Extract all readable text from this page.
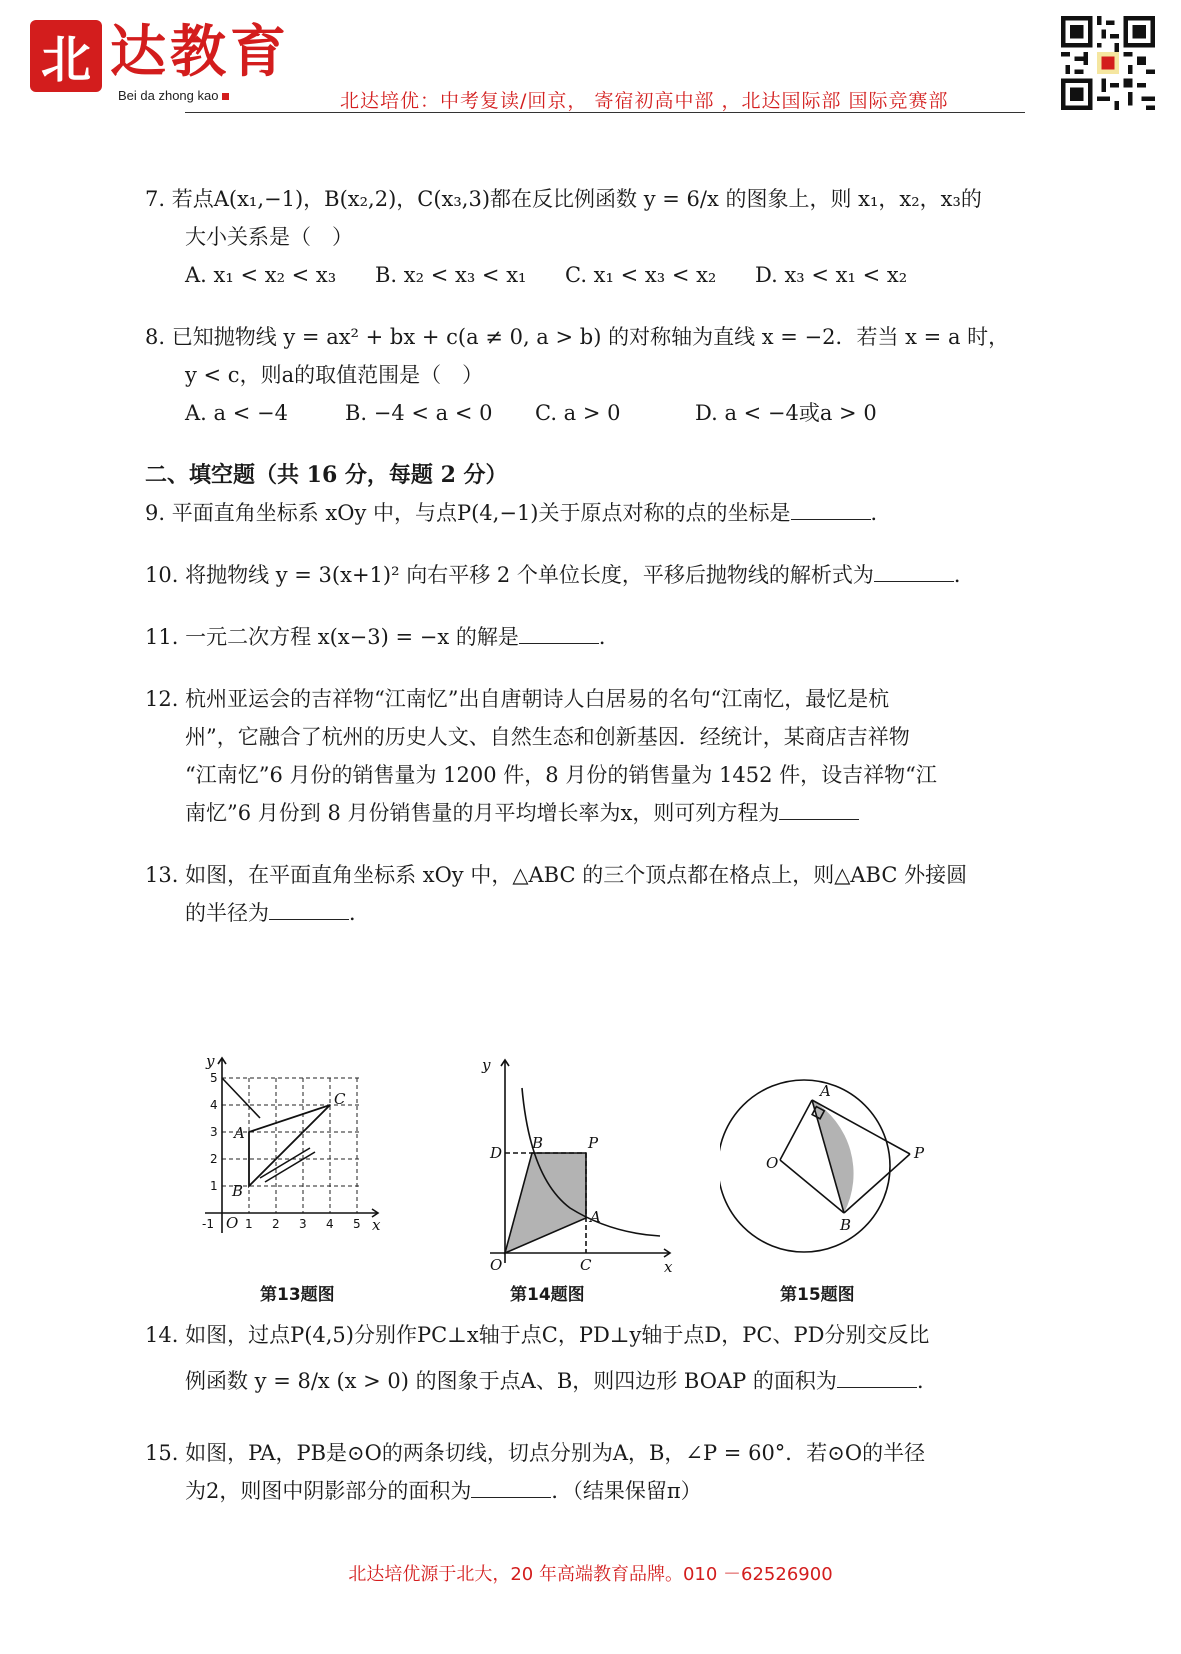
北 达教育
Bei da zhong kao	北达培优：中考复读/回京， 寄宿初高中部 ，北达国际部 国际竞赛部

7. 若点A(x₁,−1)，B(x₂,2)，C(x₃,3)都在反比例函数 y = 6/x 的图象上，则 x₁，x₂，x₃的

大小关系是（　）

A. x₁ < x₂ < x₃	B. x₂ < x₃ < x₁	C. x₁ < x₃ < x₂	D. x₃ < x₁ < x₂

8. 已知抛物线 y = ax² + bx + c(a ≠ 0, a > b) 的对称轴为直线 x = −2．若当 x = a 时，

y < c，则a的取值范围是（　）

A. a < −4	B. −4 < a < 0	C. a > 0	D. a < −4或a > 0

二、填空题（共 16 分，每题 2 分）

9. 平面直角坐标系 xOy 中，与点P(4,−1)关于原点对称的点的坐标是	．

10. 将抛物线 y = 3(x+1)² 向右平移 2 个单位长度，平移后抛物线的解析式为	．

11. 一元二次方程 x(x−3) = −x 的解是	．

12. 杭州亚运会的吉祥物“江南忆”出自唐朝诗人白居易的名句“江南忆，最忆是杭

州”，它融合了杭州的历史人文、自然生态和创新基因．经统计，某商店吉祥物

“江南忆”6 月份的销售量为 1200 件，8 月份的销售量为 1452 件，设吉祥物“江

南忆”6 月份到 8 月份销售量的月平均增长率为x，则可列方程为

13. 如图，在平面直角坐标系 xOy 中，△ABC 的三个顶点都在格点上，则△ABC 外接圆

的半径为	．

y
x
O
A
B
C
1 2 3 4 5
-1
1
2
3
4
5
第13题图
y
x
O
A
B
C
D
P
第14题图
A
B
O
P
第15题图

14. 如图，过点P(4,5)分别作PC⊥x轴于点C，PD⊥y轴于点D，PC、PD分别交反比

例函数 y = 8/x (x > 0) 的图象于点A、B，则四边形 BOAP 的面积为	．

15. 如图，PA，PB是⊙O的两条切线，切点分别为A，B，∠P = 60°．若⊙O的半径

为2，则图中阴影部分的面积为	．（结果保留π）

北达培优源于北大，20 年高端教育品牌。010 －62526900
